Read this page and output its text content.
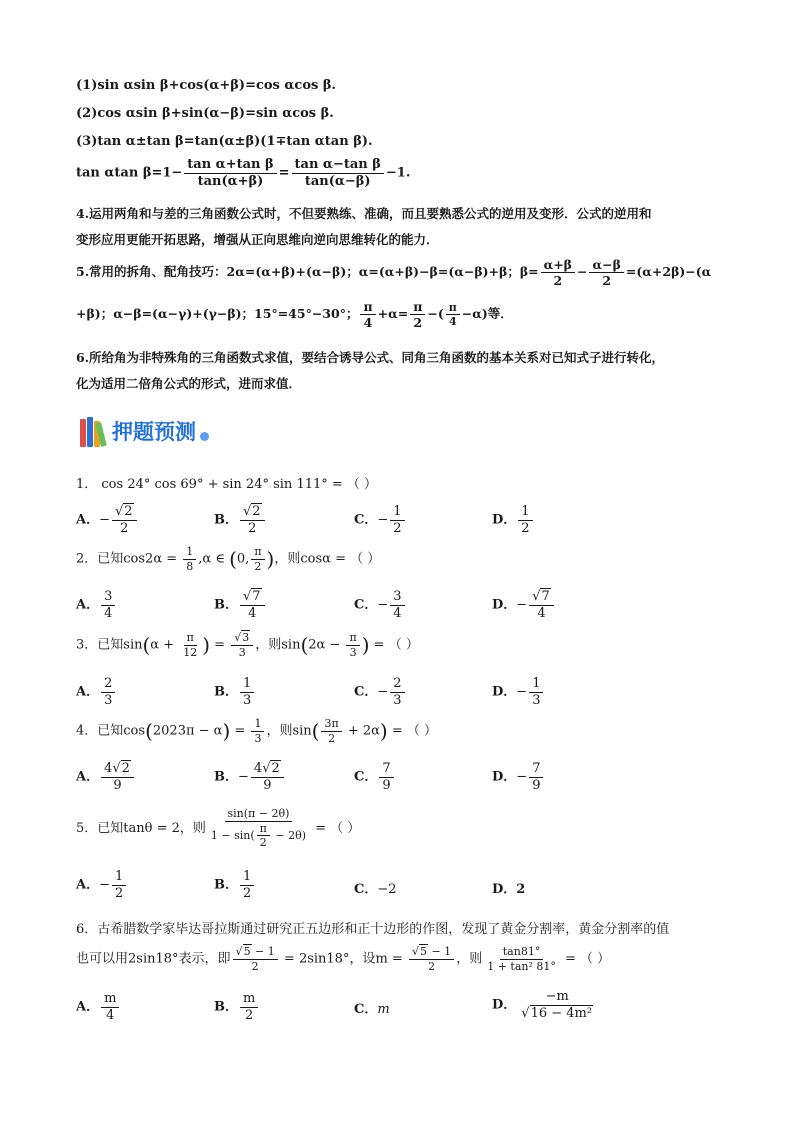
(1)sin αsin β+cos(α+β)=cos αcos β.
(2)cos αsin β+sin(α−β)=sin αcos β.
(3)tan α±tan β=tan(α±β)(1∓tan αtan β).
tan αtan $\beta=1- \frac{\text{tan α+tan β}}{\tan(\alpha+\beta)} = \frac{\text{tan α−tan β}}{\tan(\alpha-\beta)} -1$.
4.运用两角和与差的三角函数公式时，不但要熟练、准确，而且要熟悉公式的逆用及变形．公式的逆用和
变形应用更能开拓思路，增强从正向思维向逆向思维转化的能力．
5.常用的拆角、配角技巧：2α=(α+β)+(α−β)；α=(α+β)−β=(α−β)+β；$\beta= \frac{\alpha+\beta}{2} - \frac{\alpha-\beta}{2} =(\alpha+2\beta)-(\alpha$
+β)；α−β=(α−γ)+(γ−β)；15°=45°−30°； $\frac{\pi}{4} +\alpha= \frac{\pi}{2}$ −( $\frac{\pi}{4} -\alpha$)等．
6.所给角为非特殊角的三角函数式求值，要结合诱导公式、同角三角函数的基本关系对已知式子进行转化，
化为适用二倍角公式的形式，进而求值．
押题预测
1． cos 24° cos 69° + sin 24° sin 111° = （ ）
A．− $\frac{√2}{2}$	B． $\frac{√2}{2}$	C．− $\frac{1}{2}$	D． $\frac{1}{2}$
2．已知$\cos 2\alpha = \frac{1}{8} ,\alpha$ ∈ (0, $\frac{\pi}{2}$ )，则cosα = （ ）
A． $\frac{3}{4}$	B． $\frac{√7}{4}$	C．− $\frac{3}{4}$	D．− $\frac{√7}{4}$
3．已知$\sin(\alpha + \frac{\pi}{12}$ ) = $\frac{√3}{3}$ ，则$\sin(2\alpha - \frac{\pi}{3}$ ) = （ ）
A． $\frac{2}{3}$	B． $\frac{1}{3}$	C．− $\frac{2}{3}$	D．− $\frac{1}{3}$
4．已知$\cos(2023\pi - \alpha) = \frac{1}{3}$ ，则$\sin( \frac{3\pi}{2} + 2\alpha)$ = （ ）
A． $\frac{4√2}{9}$	B．− $\frac{4√2}{9}$	C． $\frac{7}{9}$	D．− $\frac{7}{9}$
5．已知tanθ = 2，则 $\frac{\sin(\pi - 2\theta)}{1 - \sin( \frac{\pi}{2} - 2\theta)}$ = （ ）
A．− $\frac{1}{2}$	B． $\frac{1}{2}$	C．−2	D．2
6．古希腊数学家毕达哥拉斯通过研究正五边形和正十边形的作图，发现了黄金分割率，黄金分割率的值
也可以用2sin18°表示，即 $\frac{√5 - 1}{2} = 2\sin 18^\circ$，设$m = \frac{√5 - 1}{2}$ ，则 $\frac{\tan 81^\circ}{\text{1 + tan² 81°}}$ = （ ）
A． $\frac{m}{4}$	B． $\frac{m}{2}$	C．m	D． $\frac{-m}{\text{√16 − 4m²}}$
